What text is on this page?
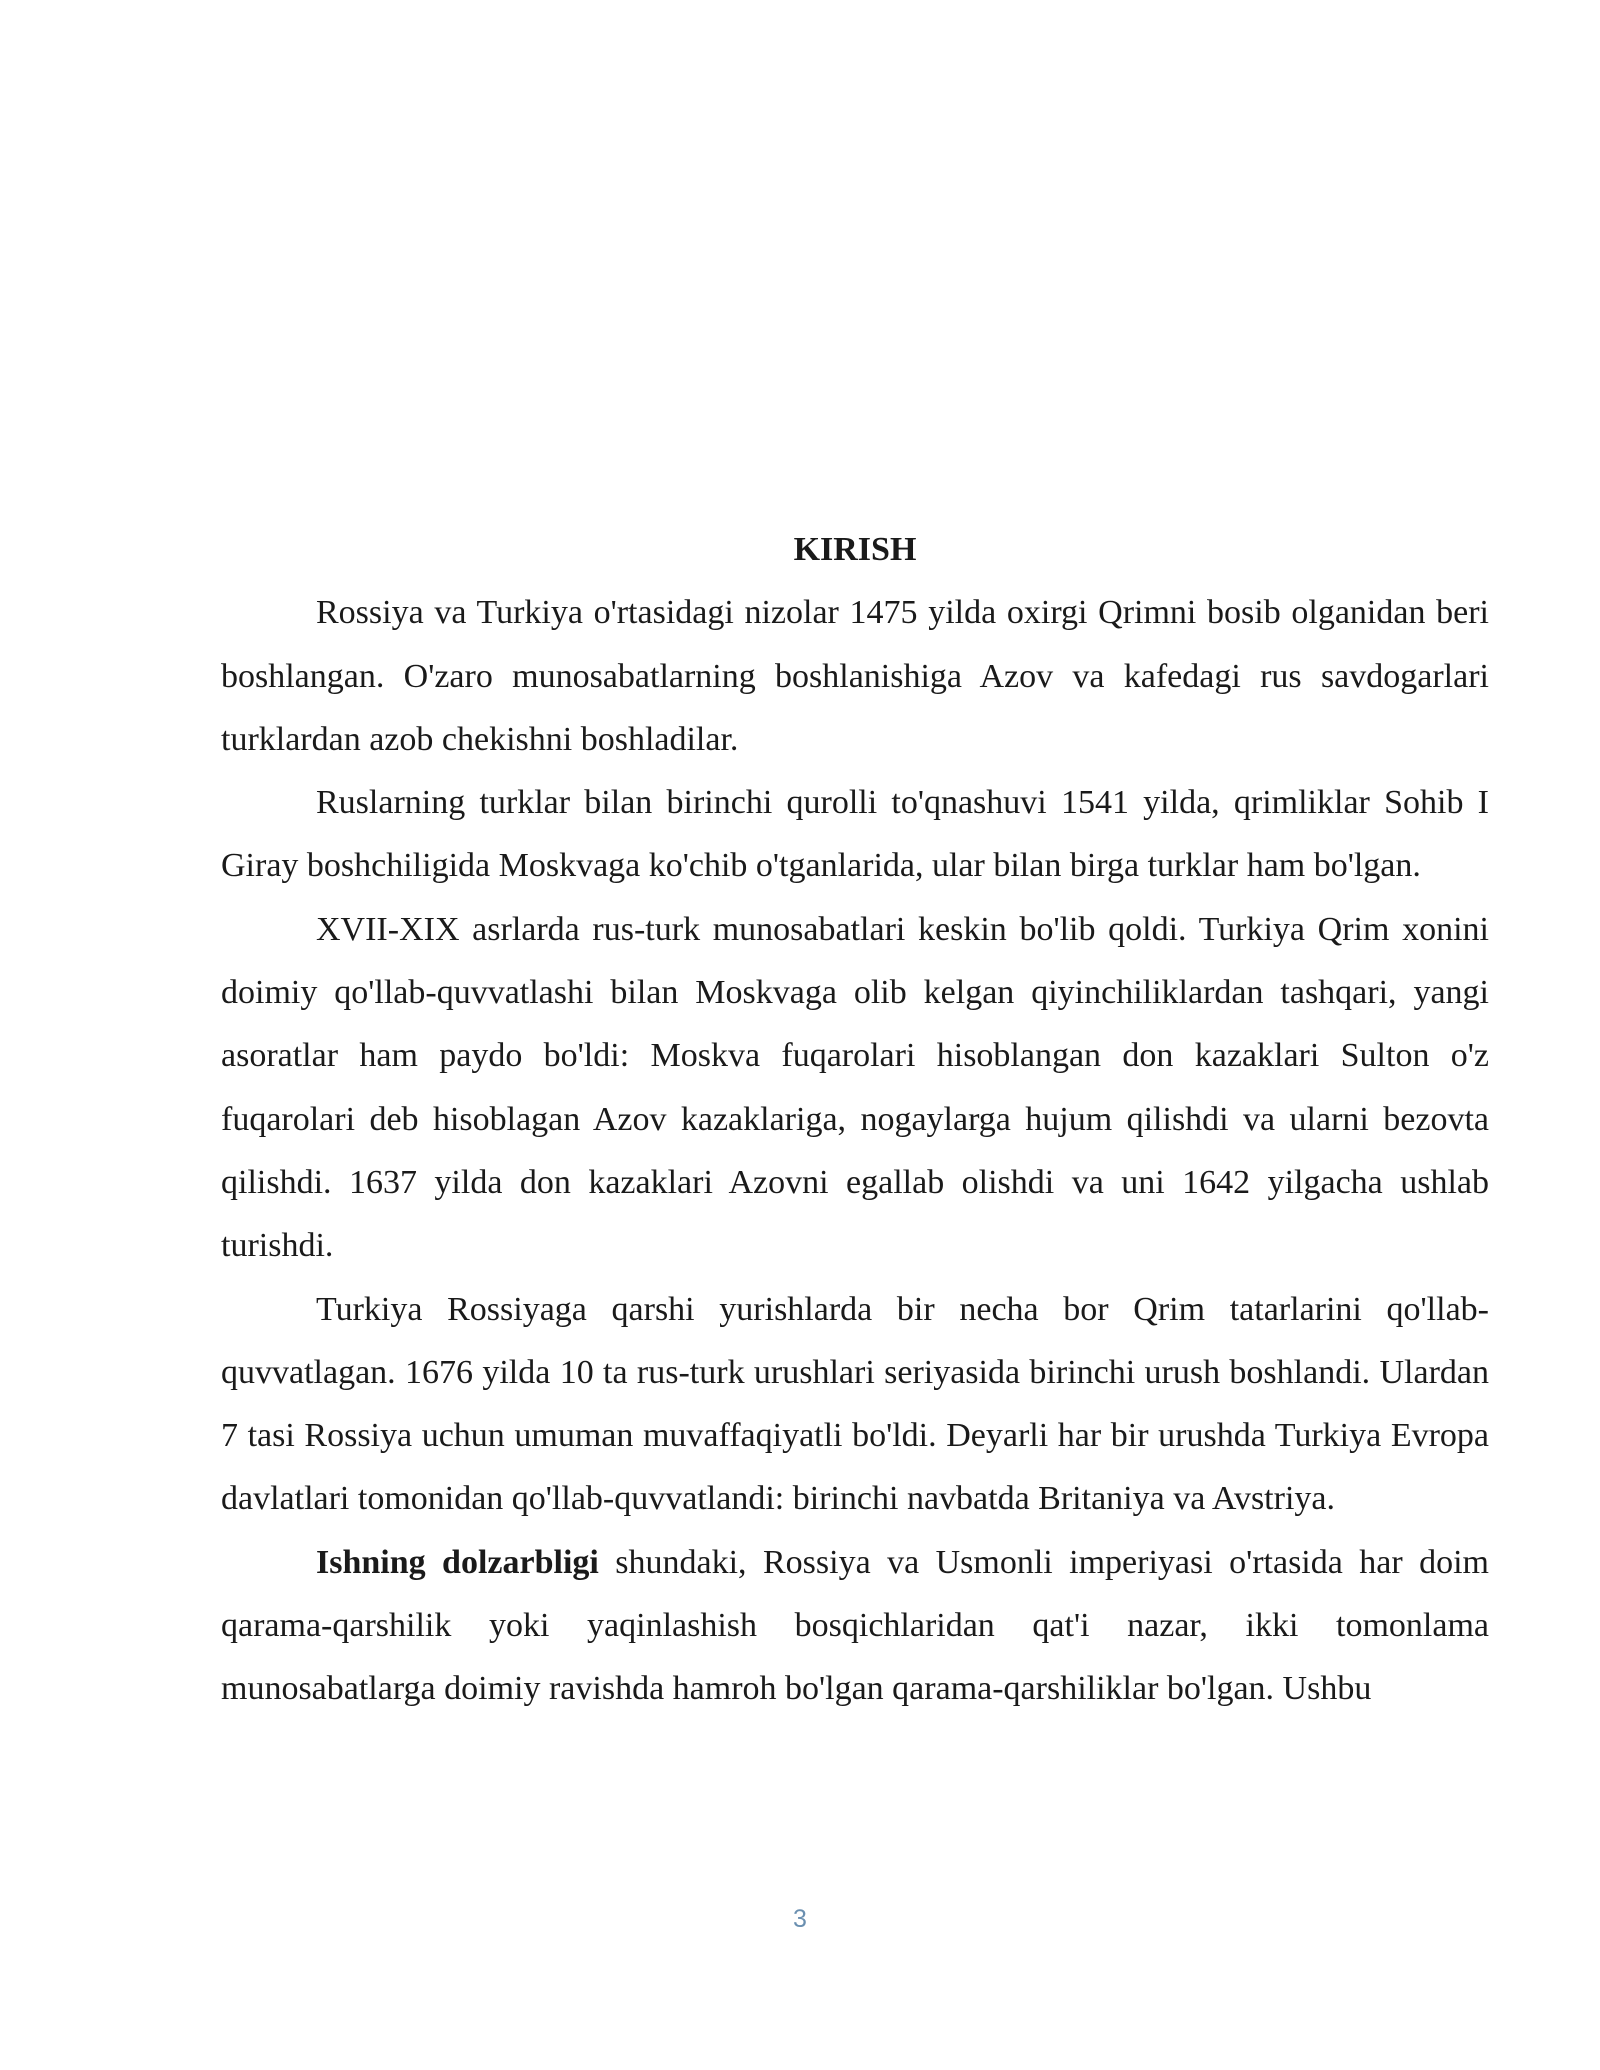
KIRISH

Rossiya va Turkiya o'rtasidagi nizolar 1475 yilda oxirgi Qrimni bosib olganidan beri boshlangan. O'zaro munosabatlarning boshlanishiga Azov va kafedagi rus savdogarlari turklardan azob chekishni boshladilar.

Ruslarning turklar bilan birinchi qurolli to'qnashuvi 1541 yilda, qrimliklar Sohib I Giray boshchiligida Moskvaga ko'chib o'tganlarida, ular bilan birga turklar ham bo'lgan.

XVII-XIX asrlarda rus-turk munosabatlari keskin bo'lib qoldi. Turkiya Qrim xonini doimiy qo'llab-quvvatlashi bilan Moskvaga olib kelgan qiyinchiliklardan tashqari, yangi asoratlar ham paydo bo'ldi: Moskva fuqarolari hisoblangan don kazaklari Sulton o'z fuqarolari deb hisoblagan Azov kazaklariga, nogaylarga hujum qilishdi va ularni bezovta qilishdi. 1637 yilda don kazaklari Azovni egallab olishdi va uni 1642 yilgacha ushlab turishdi.

Turkiya Rossiyaga qarshi yurishlarda bir necha bor Qrim tatarlarini qo'llab-quvvatlagan. 1676 yilda 10 ta rus-turk urushlari seriyasida birinchi urush boshlandi. Ulardan 7 tasi Rossiya uchun umuman muvaffaqiyatli bo'ldi. Deyarli har bir urushda Turkiya Evropa davlatlari tomonidan qo'llab-quvvatlandi: birinchi navbatda Britaniya va Avstriya.

Ishning dolzarbligi shundaki, Rossiya va Usmonli imperiyasi o'rtasida har doim qarama-qarshilik yoki yaqinlashish bosqichlaridan qat'i nazar, ikki tomonlama munosabatlarga doimiy ravishda hamroh bo'lgan qarama-qarshiliklar bo'lgan. Ushbu

3
